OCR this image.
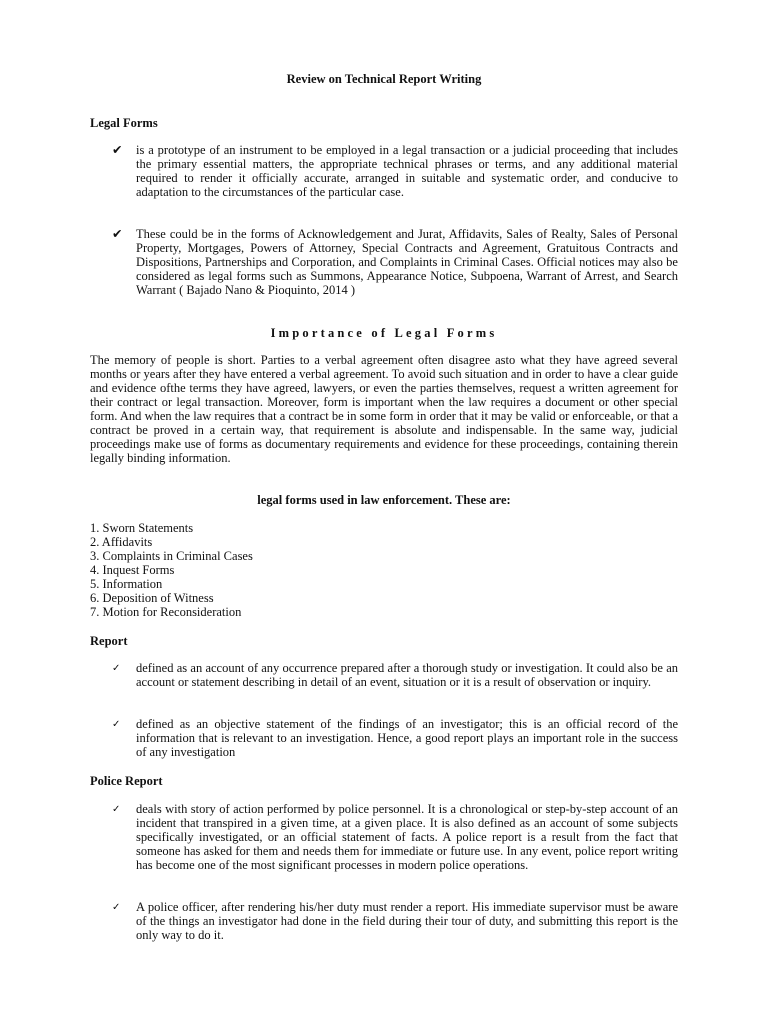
Review on Technical Report Writing
Legal Forms
✔	is a prototype of an instrument to be employed in a legal transaction or a judicial proceeding that includes the primary essential matters, the appropriate technical phrases or terms, and any additional material required to render it officially accurate, arranged in suitable and systematic order, and conducive to adaptation to the circumstances of the particular case.
✔	These could be in the forms of Acknowledgement and Jurat, Affidavits, Sales of Realty, Sales of Personal Property, Mortgages, Powers of Attorney, Special Contracts and Agreement, Gratuitous Contracts and Dispositions, Partnerships and Corporation, and Complaints in Criminal Cases. Official notices may also be considered as legal forms such as Summons, Appearance Notice, Subpoena, Warrant of Arrest, and Search Warrant ( Bajado Nano & Pioquinto, 2014 )
Importance of Legal Forms
The memory of people is short. Parties to a verbal agreement often disagree asto what they have agreed several months or years after they have entered a verbal agreement. To avoid such situation and in order to have a clear guide and evidence ofthe terms they have agreed, lawyers, or even the parties themselves, request a written agreement for their contract or legal transaction. Moreover, form is important when the law requires a document or other special form. And when the law requires that a contract be in some form in order that it may be valid or enforceable, or that a contract be proved in a certain way, that requirement is absolute and indispensable. In the same way, judicial proceedings make use of forms as documentary requirements and evidence for these proceedings, containing therein legally binding information.
legal forms used in law enforcement. These are:
1. Sworn Statements
2. Affidavits
3. Complaints in Criminal Cases
4. Inquest Forms
5. Information
6. Deposition of Witness
7. Motion for Reconsideration
Report
✓	defined as an account of any occurrence prepared after a thorough study or investigation. It could also be an account or statement describing in detail of an event, situation or it is a result of observation or inquiry.
✓	defined as an objective statement of the findings of an investigator; this is an official record of the information that is relevant to an investigation. Hence, a good report plays an important role in the success of any investigation
Police Report
✓	deals with story of action performed by police personnel. It is a chronological or step-by-step account of an incident that transpired in a given time, at a given place. It is also defined as an account of some subjects specifically investigated, or an official statement of facts. A police report is a result from the fact that someone has asked for them and needs them for immediate or future use. In any event, police report writing has become one of the most significant processes in modern police operations.
✓	A police officer, after rendering his/her duty must render a report. His immediate supervisor must be aware of the things an investigator had done in the field during their tour of duty, and submitting this report is the only way to do it.
